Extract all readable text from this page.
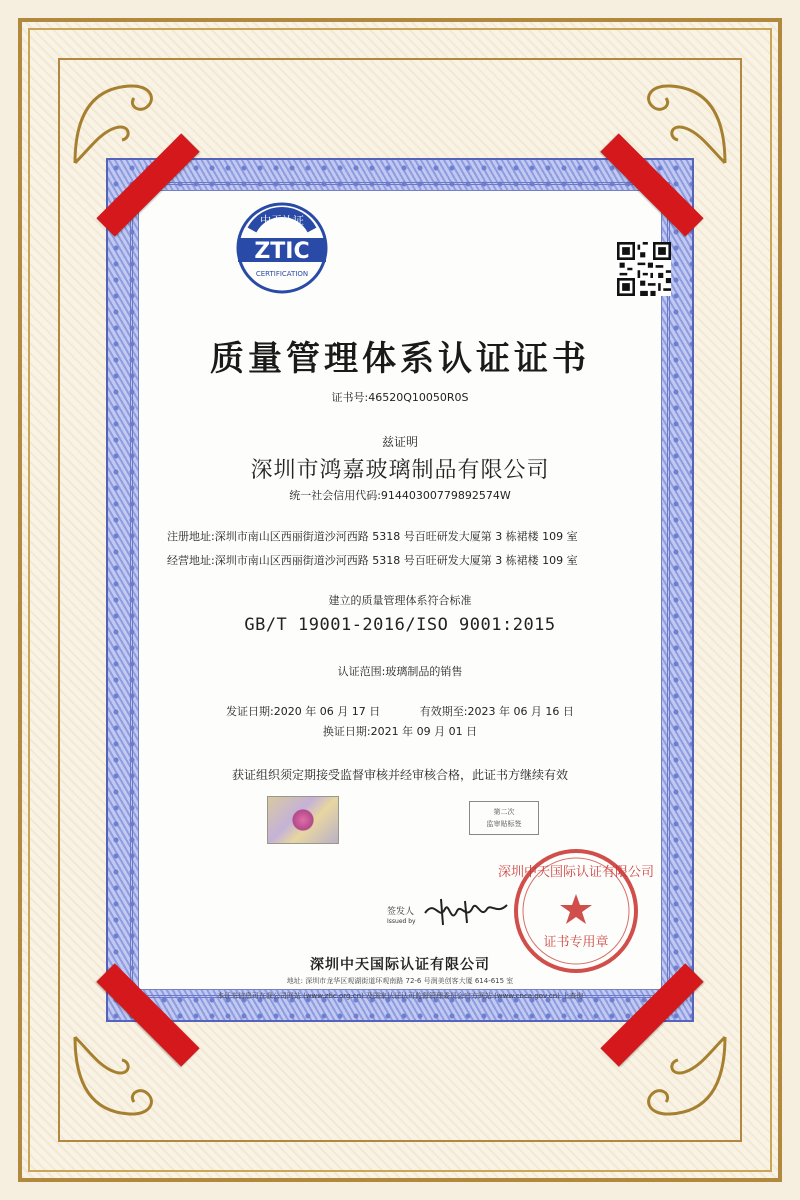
质量管理体系认证证书
证书号:46520Q10050R0S
兹证明
深圳市鸿嘉玻璃制品有限公司
统一社会信用代码:91440300779892574W
注册地址:深圳市南山区西丽街道沙河西路 5318 号百旺研发大厦第 3 栋裙楼 109 室
经营地址:深圳市南山区西丽街道沙河西路 5318 号百旺研发大厦第 3 栋裙楼 109 室
建立的质量管理体系符合标准
GB/T 19001-2016/ISO 9001:2015
认证范围:玻璃制品的销售
发证日期:2020 年 06 月 17 日	有效期至:2023 年 06 月 16 日
换证日期:2021 年 09 月 01 日
获证组织须定期接受监督审核并经审核合格，此证书方继续有效
第二次
监审贴标签
签发人
Issued by
深圳中天国际认证有限公司
证书专用章
深圳中天国际认证有限公司
地址: 深圳市龙华区观湖街道环观南路 72-6 号润美创客大厦 614-615 室
本证书信息可在我公司网站 (www.ztic.org.cn) 及国家认证认可监督管理委员会官方网站 (www.cnca.gov.cn) 上查询
中天认证
ZTIC
CERTIFICATION
